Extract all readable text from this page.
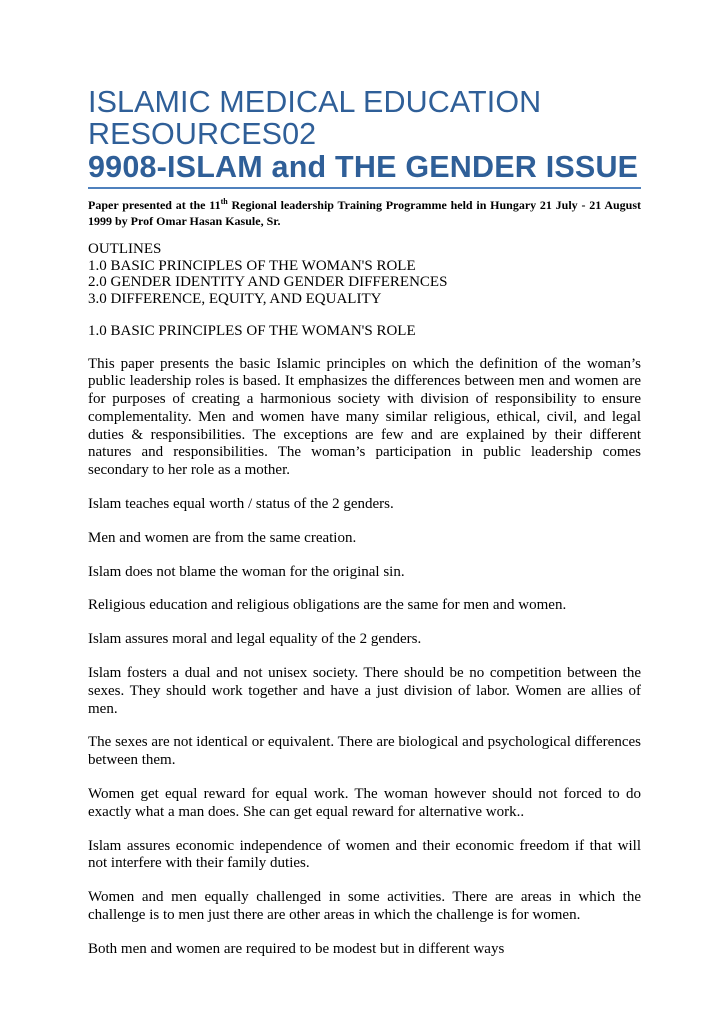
ISLAMIC MEDICAL EDUCATION
RESOURCES02
9908-ISLAM and THE GENDER ISSUE

Paper presented at the 11th Regional leadership Training Programme held in Hungary 21 July - 21 August 1999 by Prof Omar Hasan Kasule, Sr.

OUTLINES
1.0 BASIC PRINCIPLES OF THE WOMAN'S ROLE
2.0 GENDER IDENTITY AND GENDER DIFFERENCES
3.0 DIFFERENCE, EQUITY, AND EQUALITY

1.0 BASIC PRINCIPLES OF THE WOMAN'S ROLE

This paper presents the basic Islamic principles on which the definition of the woman’s public leadership roles is based. It emphasizes the differences between men and women are for purposes of creating a harmonious society with division of responsibility to ensure complementality. Men and women have many similar religious, ethical, civil, and legal duties & responsibilities. The exceptions are few and are explained by their different natures and responsibilities. The woman’s participation in public leadership comes secondary to her role as a mother.

Islam teaches equal worth / status of the 2 genders.

Men and women are from the same creation.

Islam does not blame the woman for the original sin.

Religious education and religious obligations are the same for men and women.

Islam assures moral and legal equality of the 2 genders.

Islam fosters a dual and not unisex society. There should be no competition between the sexes. They should work together and have a just division of labor. Women are allies of men.

The sexes are not identical or equivalent. There are biological and psychological differences between them.

Women get equal reward for equal work. The woman however should not forced to do exactly what a man does. She can get equal reward for alternative work..

Islam assures economic independence of women and their economic freedom if that will not interfere with their family duties.

Women and men equally challenged in some activities. There are areas in which the challenge is to men just there are other areas in which the challenge is for women.

Both men and women are required to be modest but in different ways
